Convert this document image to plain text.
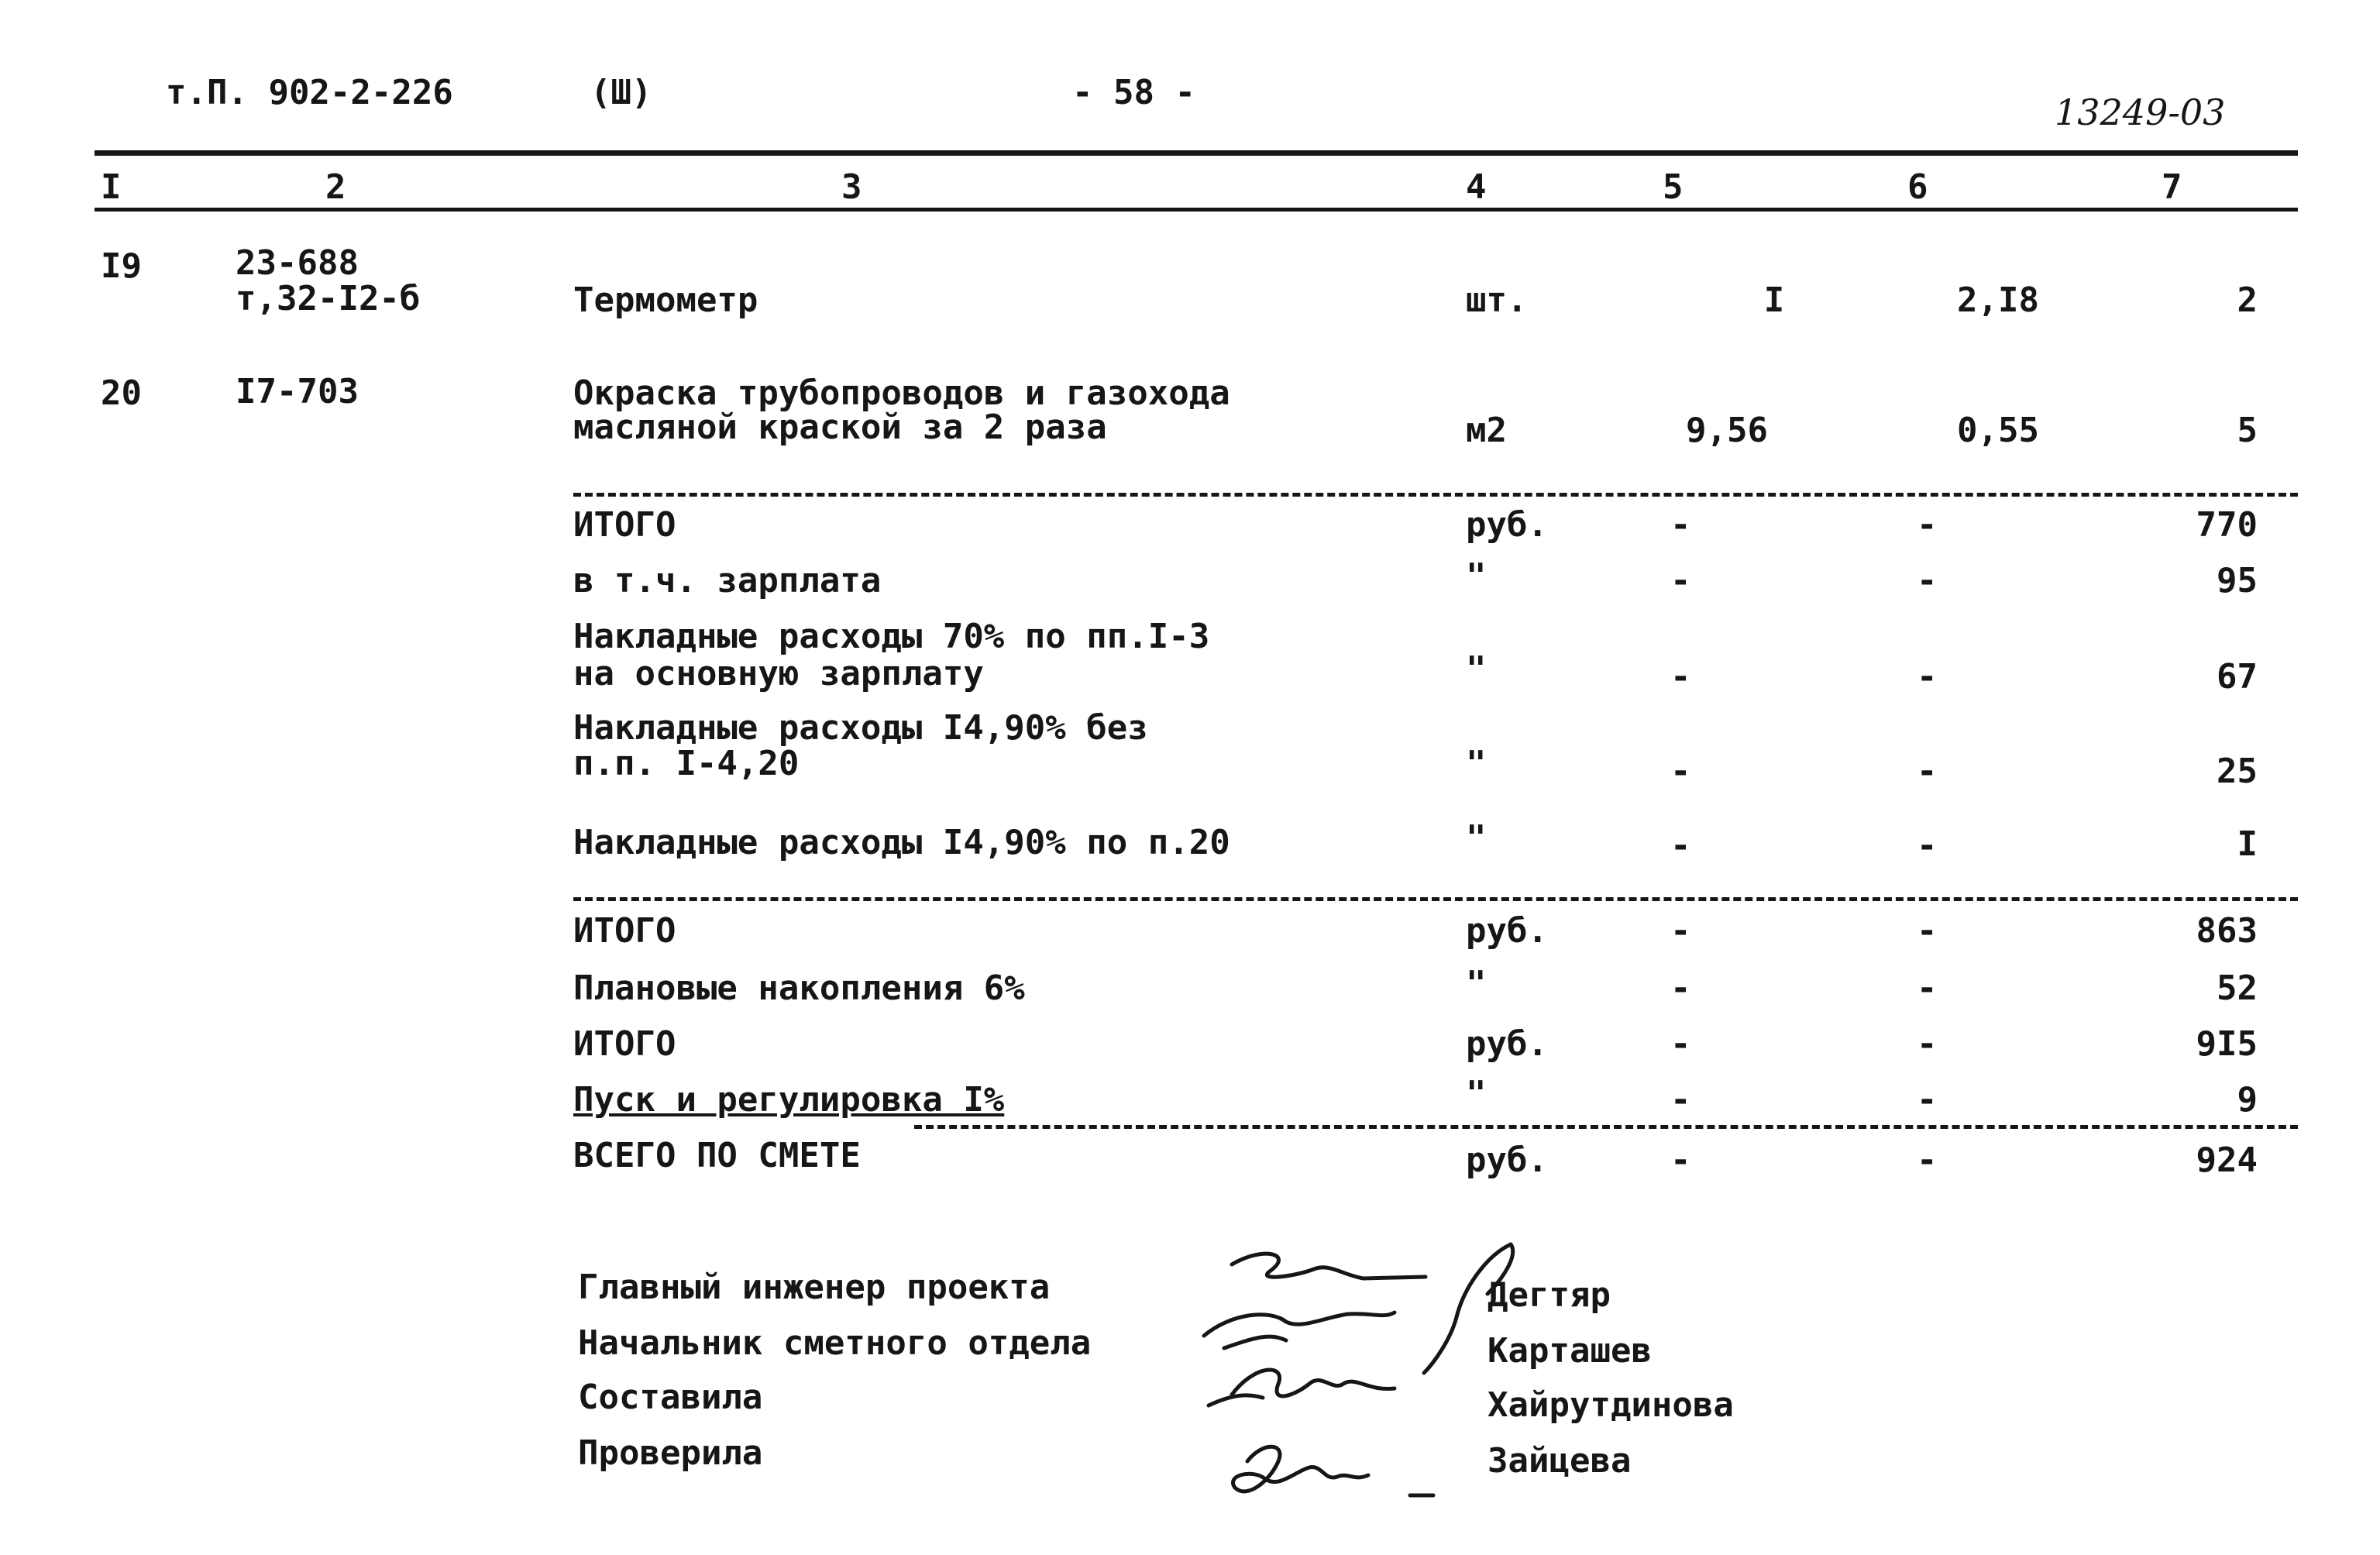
т.П. 902-2-226	(Ш)	- 58 -	13249-03
I	2	3	4	5	6	7
I9	23-688
т,32-I2-б	Термометр	шт.	I	2,I8	2
20	I7-703	Окраска трубопроводов и газохода
масляной краской за 2 раза	м2	9,56	0,55	5
ИТОГО	руб.	-	-	770
в т.ч. зарплата	"	-	-	95
Накладные расходы 70% по пп.I-3
на основную зарплату	"	-	-	67
Накладные расходы I4,90% без
п.п. I-4,20	"	-	-	25
Накладные расходы I4,90% по п.20	"	-	-	I
ИТОГО	руб.	-	-	863
Плановые накопления 6%	"	-	-	52
ИТОГО	руб.	-	-	9I5
Пуск и регулировка I%	"	-	-	9
ВСЕГО ПО СМЕТЕ	руб.	-	-	924
Главный инженер проекта	Дегтяр
Начальник сметного отдела	Карташев
Составила	Хайрутдинова
Проверила	Зайцева
